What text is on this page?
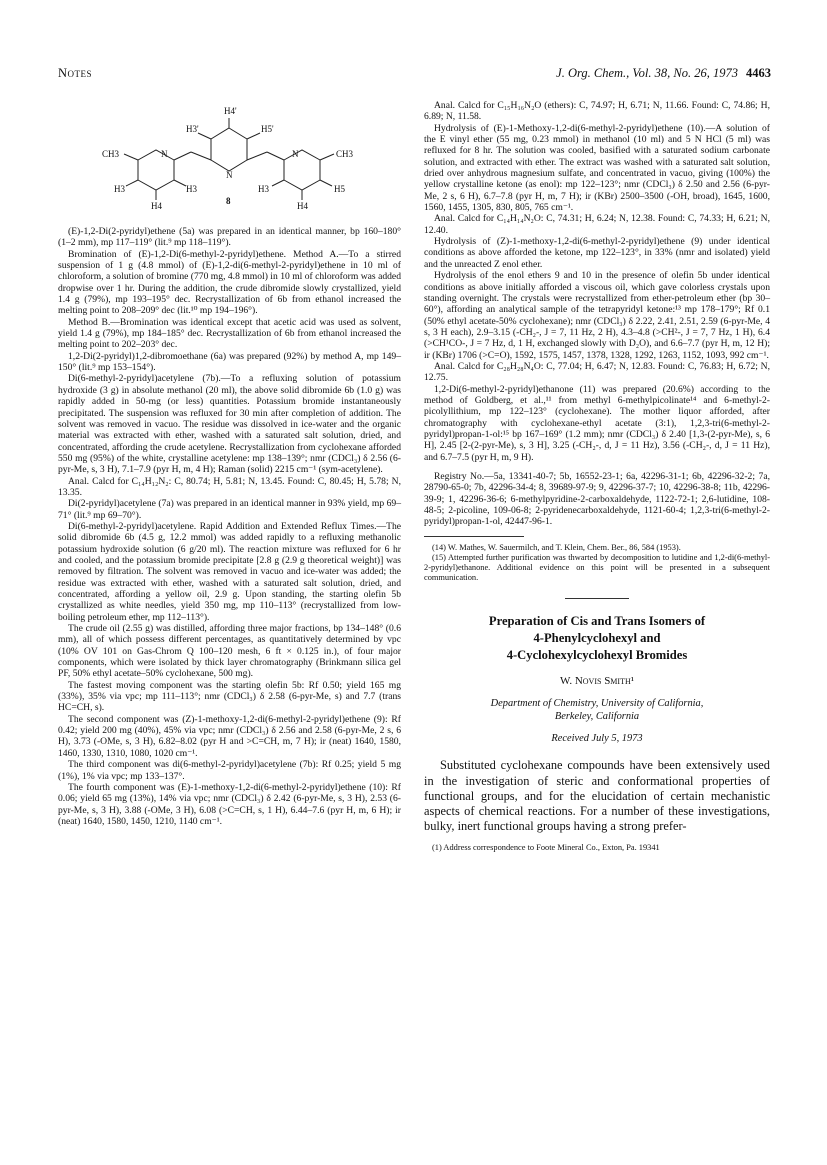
Notes	J. Org. Chem., Vol. 38, No. 26, 1973 4463
H4'
H3'	H5'
CH3	CH3
N
N
N
H3	H3	H3	H5
H4	H4
8

(E)-1,2-Di(2-pyridyl)ethene (5a) was prepared in an identical manner, bp 160–180° (1–2 mm), mp 117–119° (lit.⁹ mp 118–119°).

Bromination of (E)-1,2-Di(6-methyl-2-pyridyl)ethene. Method A.—To a stirred suspension of 1 g (4.8 mmol) of (E)-1,2-di(6-methyl-2-pyridyl)ethene in 10 ml of chloroform, a solution of bromine (770 mg, 4.8 mmol) in 10 ml of chloroform was added dropwise over 1 hr. During the addition, the crude dibromide slowly crystallized, yield 1.4 g (79%), mp 193–195° dec. Recrystallization of 6b from ethanol increased the melting point to 208–209° dec (lit.¹⁰ mp 194–196°).

Method B.—Bromination was identical except that acetic acid was used as solvent, yield 1.4 g (79%), mp 184–185° dec. Recrystallization of 6b from ethanol increased the melting point to 202–203° dec.

1,2-Di(2-pyridyl)1,2-dibromoethane (6a) was prepared (92%) by method A, mp 149–150° (lit.⁹ mp 153–154°).

Di(6-methyl-2-pyridyl)acetylene (7b).—To a refluxing solution of potassium hydroxide (3 g) in absolute methanol (20 ml), the above solid dibromide 6b (1.0 g) was rapidly added in 50-mg (or less) quantities. Potassium bromide instantaneously precipitated. The suspension was refluxed for 30 min after completion of addition. The solvent was removed in vacuo. The residue was dissolved in ice-water and the organic material was extracted with ether, washed with a saturated salt solution, dried, and concentrated, affording the crude acetylene. Recrystallization from cyclohexane afforded 550 mg (95%) of the white, crystalline acetylene: mp 138–139°; nmr (CDCl₃) δ 2.56 (6-pyr-Me, s, 3 H), 7.1–7.9 (pyr H, m, 4 H); Raman (solid) 2215 cm⁻¹ (sym-acetylene).

Anal. Calcd for C₁₄H₁₂N₂: C, 80.74; H, 5.81; N, 13.45. Found: C, 80.45; H, 5.78; N, 13.35.

Di(2-pyridyl)acetylene (7a) was prepared in an identical manner in 93% yield, mp 69–71° (lit.⁹ mp 69–70°).

Di(6-methyl-2-pyridyl)acetylene. Rapid Addition and Extended Reflux Times.—The solid dibromide 6b (4.5 g, 12.2 mmol) was added rapidly to a refluxing methanolic potassium hydroxide solution (6 g/20 ml). The reaction mixture was refluxed for 6 hr and cooled, and the potassium bromide precipitate [2.8 g (2.9 g theoretical weight)] was removed by filtration. The solvent was removed in vacuo and ice-water was added; the residue was extracted with ether, washed with a saturated salt solution, dried, and concentrated, affording a yellow oil, 2.9 g. Upon standing, the starting olefin 5b crystallized as white needles, yield 350 mg, mp 110–113° (recrystallized from low-boiling petroleum ether, mp 112–113°).

The crude oil (2.55 g) was distilled, affording three major fractions, bp 134–148° (0.6 mm), all of which possess different percentages, as quantitatively determined by vpc (10% OV 101 on Gas-Chrom Q 100–120 mesh, 6 ft × 0.125 in.), of four major components, which were isolated by thick layer chromatography (Brinkmann silica gel PF, 50% ethyl acetate–50% cyclohexane, 500 mg).

The fastest moving component was the starting olefin 5b: Rf 0.50; yield 165 mg (33%), 35% via vpc; mp 111–113°; nmr (CDCl₃) δ 2.58 (6-pyr-Me, s) and 7.7 (trans HC=CH, s).

The second component was (Z)-1-methoxy-1,2-di(6-methyl-2-pyridyl)ethene (9): Rf 0.42; yield 200 mg (40%), 45% via vpc; nmr (CDCl₃) δ 2.56 and 2.58 (6-pyr-Me, 2 s, 6 H), 3.73 (-OMe, s, 3 H), 6.82–8.02 (pyr H and >C=CH, m, 7 H); ir (neat) 1640, 1580, 1460, 1330, 1310, 1080, 1020 cm⁻¹.

The third component was di(6-methyl-2-pyridyl)acetylene (7b): Rf 0.25; yield 5 mg (1%), 1% via vpc; mp 133–137°.

The fourth component was (E)-1-methoxy-1,2-di(6-methyl-2-pyridyl)ethene (10): Rf 0.06; yield 65 mg (13%), 14% via vpc; nmr (CDCl₃) δ 2.42 (6-pyr-Me, s, 3 H), 2.53 (6-pyr-Me, s, 3 H), 3.88 (-OMe, 3 H), 6.08 (>C=CH, s, 1 H), 6.44–7.6 (pyr H, m, 6 H); ir (neat) 1640, 1580, 1450, 1210, 1140 cm⁻¹.

Anal. Calcd for C₁₅H₁₆N₂O (ethers): C, 74.97; H, 6.71; N, 11.66. Found: C, 74.86; H, 6.89; N, 11.58.

Hydrolysis of (E)-1-Methoxy-1,2-di(6-methyl-2-pyridyl)ethene (10).—A solution of the E vinyl ether (55 mg, 0.23 mmol) in methanol (10 ml) and 5 N HCl (5 ml) was refluxed for 8 hr. The solution was cooled, basified with a saturated sodium carbonate solution, and extracted with ether. The extract was washed with a saturated salt solution, dried over anhydrous magnesium sulfate, and concentrated in vacuo, giving (100%) the yellow crystalline ketone (as enol): mp 122–123°; nmr (CDCl₃) δ 2.50 and 2.56 (6-pyr-Me, 2 s, 6 H), 6.7–7.8 (pyr H, m, 7 H); ir (KBr) 2500–3500 (-OH, broad), 1645, 1600, 1560, 1455, 1305, 830, 805, 765 cm⁻¹.

Anal. Calcd for C₁₄H₁₄N₂O: C, 74.31; H, 6.24; N, 12.38. Found: C, 74.33; H, 6.21; N, 12.40.

Hydrolysis of (Z)-1-methoxy-1,2-di(6-methyl-2-pyridyl)ethene (9) under identical conditions as above afforded the ketone, mp 122–123°, in 33% (nmr and isolated) yield and the unreacted Z enol ether.

Hydrolysis of the enol ethers 9 and 10 in the presence of olefin 5b under identical conditions as above initially afforded a viscous oil, which gave colorless crystals upon standing overnight. The crystals were recrystallized from ether-petroleum ether (bp 30–60°), affording an analytical sample of the tetrapyridyl ketone:¹³ mp 178–179°; Rf 0.1 (50% ethyl acetate-50% cyclohexane); nmr (CDCl₃) δ 2.22, 2.41, 2.51, 2.59 (6-pyr-Me, 4 s, 3 H each), 2.9–3.15 (-CH₂-, J = 7, 11 Hz, 2 H), 4.3–4.8 (>CH²-, J = 7, 7 Hz, 1 H), 6.4 (>CH¹CO-, J = 7 Hz, d, 1 H, exchanged slowly with D₂O), and 6.6–7.7 (pyr H, m, 12 H); ir (KBr) 1706 (>C=O), 1592, 1575, 1457, 1378, 1328, 1292, 1263, 1152, 1093, 992 cm⁻¹.

Anal. Calcd for C₂₈H₂₈N₄O: C, 77.04; H, 6.47; N, 12.83. Found: C, 76.83; H, 6.72; N, 12.75.

1,2-Di(6-methyl-2-pyridyl)ethanone (11) was prepared (20.6%) according to the method of Goldberg, et al.,¹¹ from methyl 6-methylpicolinate¹⁴ and 6-methyl-2-picolyllithium, mp 122–123° (cyclohexane). The mother liquor afforded, after chromatography with cyclohexane-ethyl acetate (3:1), 1,2,3-tri(6-methyl-2-pyridyl)propan-1-ol:¹⁵ bp 167–169° (1.2 mm); nmr (CDCl₃) δ 2.40 [1,3-(2-pyr-Me), s, 6 H], 2.45 [2-(2-pyr-Me), s, 3 H], 3.25 (-CH₂-, d, J = 11 Hz), 3.56 (-CH₂-, d, J = 11 Hz), and 6.7–7.5 (pyr H, m, 9 H).

Registry No.—5a, 13341-40-7; 5b, 16552-23-1; 6a, 42296-31-1; 6b, 42296-32-2; 7a, 28790-65-0; 7b, 42296-34-4; 8, 39689-97-9; 9, 42296-37-7; 10, 42296-38-8; 11b, 42296-39-9; 1, 42296-36-6; 6-methylpyridine-2-carboxaldehyde, 1122-72-1; 2,6-lutidine, 108-48-5; 2-picoline, 109-06-8; 2-pyridenecarboxaldehyde, 1121-60-4; 1,2,3-tri(6-methyl-2-pyridyl)propan-1-ol, 42447-96-1.

(14) W. Mathes, W. Sauermilch, and T. Klein, Chem. Ber., 86, 584 (1953).

(15) Attempted further purification was thwarted by decomposition to lutidine and 1,2-di(6-methyl-2-pyridyl)ethanone. Additional evidence on this point will be presented in a subsequent communication.

Preparation of Cis and Trans Isomers of
4-Phenylcyclohexyl and
4-Cyclohexylcyclohexyl Bromides
W. Novis Smith¹
Department of Chemistry, University of California,
Berkeley, California
Received July 5, 1973

Substituted cyclohexane compounds have been extensively used in the investigation of steric and conformational properties of functional groups, and for the elucidation of certain mechanistic aspects of chemical reactions. For a number of these investigations, bulky, inert functional groups having a strong prefer-

(1) Address correspondence to Foote Mineral Co., Exton, Pa. 19341
